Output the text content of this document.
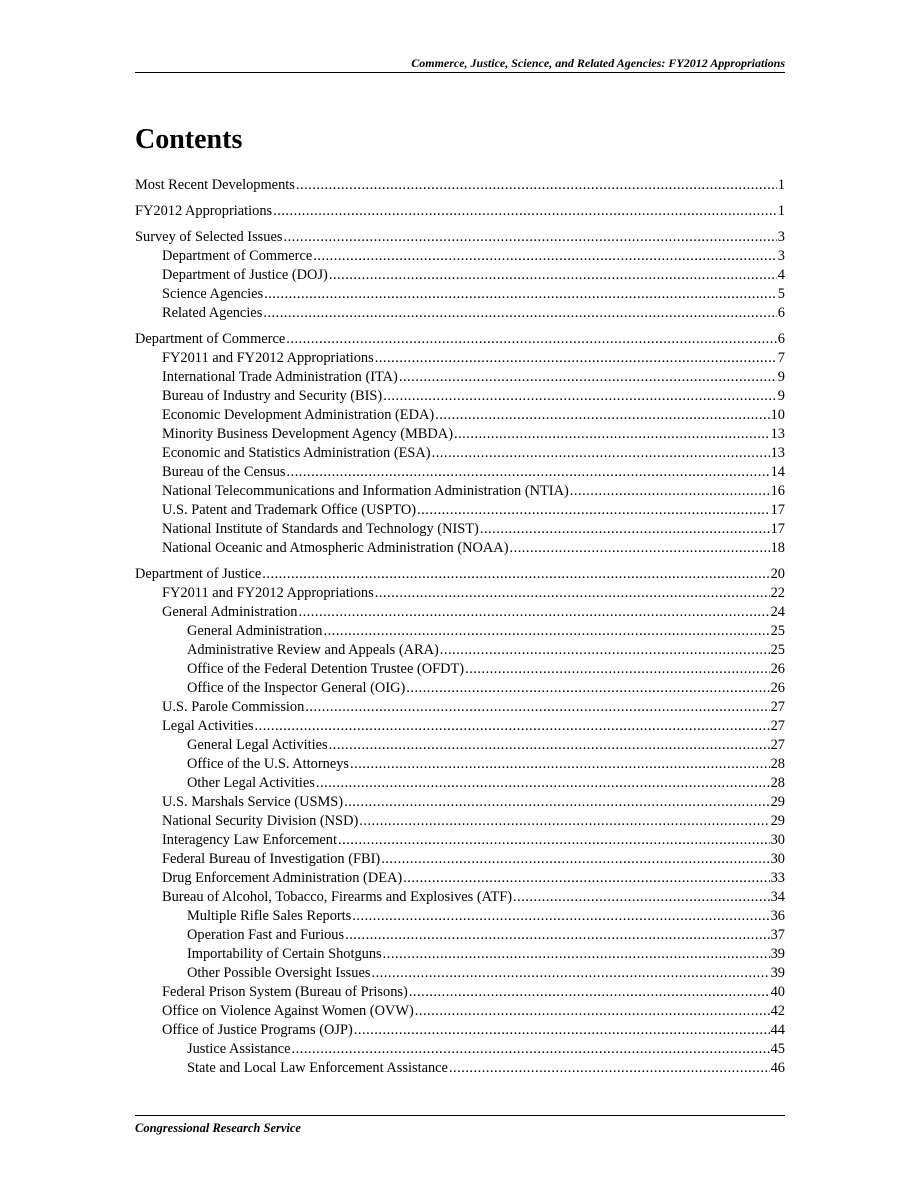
Commerce, Justice, Science, and Related Agencies: FY2012 Appropriations
Contents
Most Recent Developments .....	1
FY2012 Appropriations .....	1
Survey of Selected Issues .....	3
Department of Commerce .....	3
Department of Justice (DOJ) .....	4
Science Agencies .....	5
Related Agencies .....	6
Department of Commerce .....	6
FY2011 and FY2012 Appropriations .....	7
International Trade Administration (ITA) .....	9
Bureau of Industry and Security (BIS) .....	9
Economic Development Administration (EDA) .....	10
Minority Business Development Agency (MBDA) .....	13
Economic and Statistics Administration (ESA) .....	13
Bureau of the Census .....	14
National Telecommunications and Information Administration (NTIA) .....	16
U.S. Patent and Trademark Office (USPTO) .....	17
National Institute of Standards and Technology (NIST) .....	17
National Oceanic and Atmospheric Administration (NOAA) .....	18
Department of Justice .....	20
FY2011 and FY2012 Appropriations .....	22
General Administration .....	24
General Administration .....	25
Administrative Review and Appeals (ARA) .....	25
Office of the Federal Detention Trustee (OFDT) .....	26
Office of the Inspector General (OIG) .....	26
U.S. Parole Commission .....	27
Legal Activities .....	27
General Legal Activities .....	27
Office of the U.S. Attorneys .....	28
Other Legal Activities .....	28
U.S. Marshals Service (USMS) .....	29
National Security Division (NSD) .....	29
Interagency Law Enforcement .....	30
Federal Bureau of Investigation (FBI) .....	30
Drug Enforcement Administration (DEA) .....	33
Bureau of Alcohol, Tobacco, Firearms and Explosives (ATF) .....	34
Multiple Rifle Sales Reports .....	36
Operation Fast and Furious .....	37
Importability of Certain Shotguns .....	39
Other Possible Oversight Issues .....	39
Federal Prison System (Bureau of Prisons) .....	40
Office on Violence Against Women (OVW) .....	42
Office of Justice Programs (OJP) .....	44
Justice Assistance .....	45
State and Local Law Enforcement Assistance .....	46
Congressional Research Service
